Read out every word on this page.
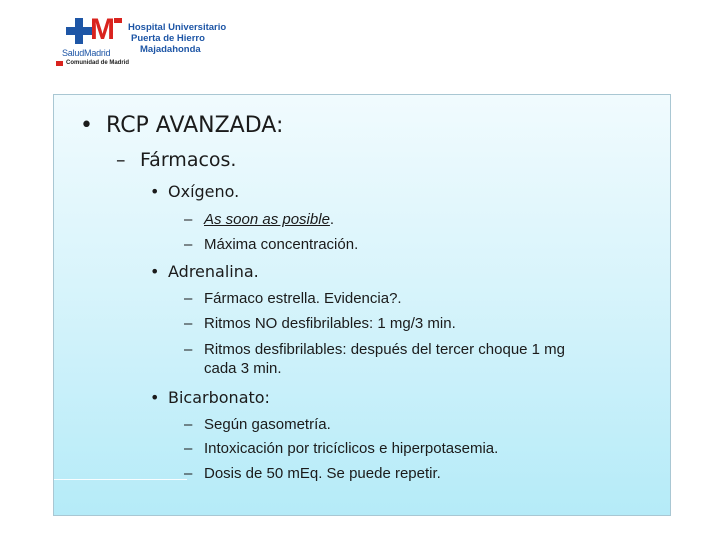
M
SaludMadrid
Hospital Universitario
Puerta de Hierro
Majadahonda
Comunidad de Madrid
• RCP AVANZADA:
– Fármacos.
• Oxígeno.
– As soon as posible.
– Máxima concentración.
• Adrenalina.
– Fármaco estrella. Evidencia?.
– Ritmos NO desfibrilables: 1 mg/3 min.
– Ritmos desfibrilables: después del tercer choque 1 mg
cada 3 min.
• Bicarbonato:
– Según gasometría.
– Intoxicación por tricíclicos e hiperpotasemia.
– Dosis de 50 mEq. Se puede repetir.
